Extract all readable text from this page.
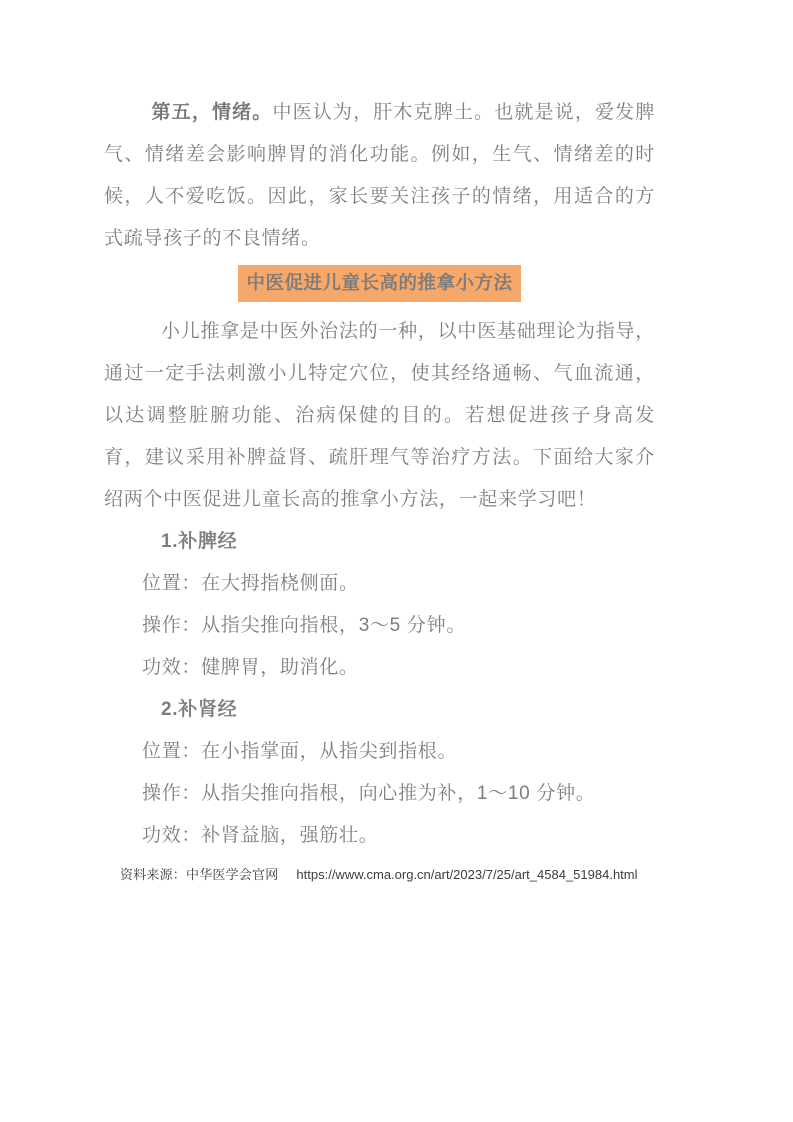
第五，情绪。中医认为，肝木克脾土。也就是说，爱发脾气、情绪差会影响脾胃的消化功能。例如，生气、情绪差的时候，人不爱吃饭。因此，家长要关注孩子的情绪，用适合的方式疏导孩子的不良情绪。

中医促进儿童长高的推拿小方法

小儿推拿是中医外治法的一种，以中医基础理论为指导，通过一定手法刺激小儿特定穴位，使其经络通畅、气血流通，以达调整脏腑功能、治病保健的目的。若想促进孩子身高发育，建议采用补脾益肾、疏肝理气等治疗方法。下面给大家介绍两个中医促进儿童长高的推拿小方法，一起来学习吧！

1.补脾经

位置：在大拇指桡侧面。

操作：从指尖推向指根，3～5 分钟。

功效：健脾胃，助消化。

2.补肾经

位置：在小指掌面，从指尖到指根。

操作：从指尖推向指根，向心推为补，1～10 分钟。

功效：补肾益脑，强筋壮。

资料来源：中华医学会官网 https://www.cma.org.cn/art/2023/7/25/art_4584_51984.html
